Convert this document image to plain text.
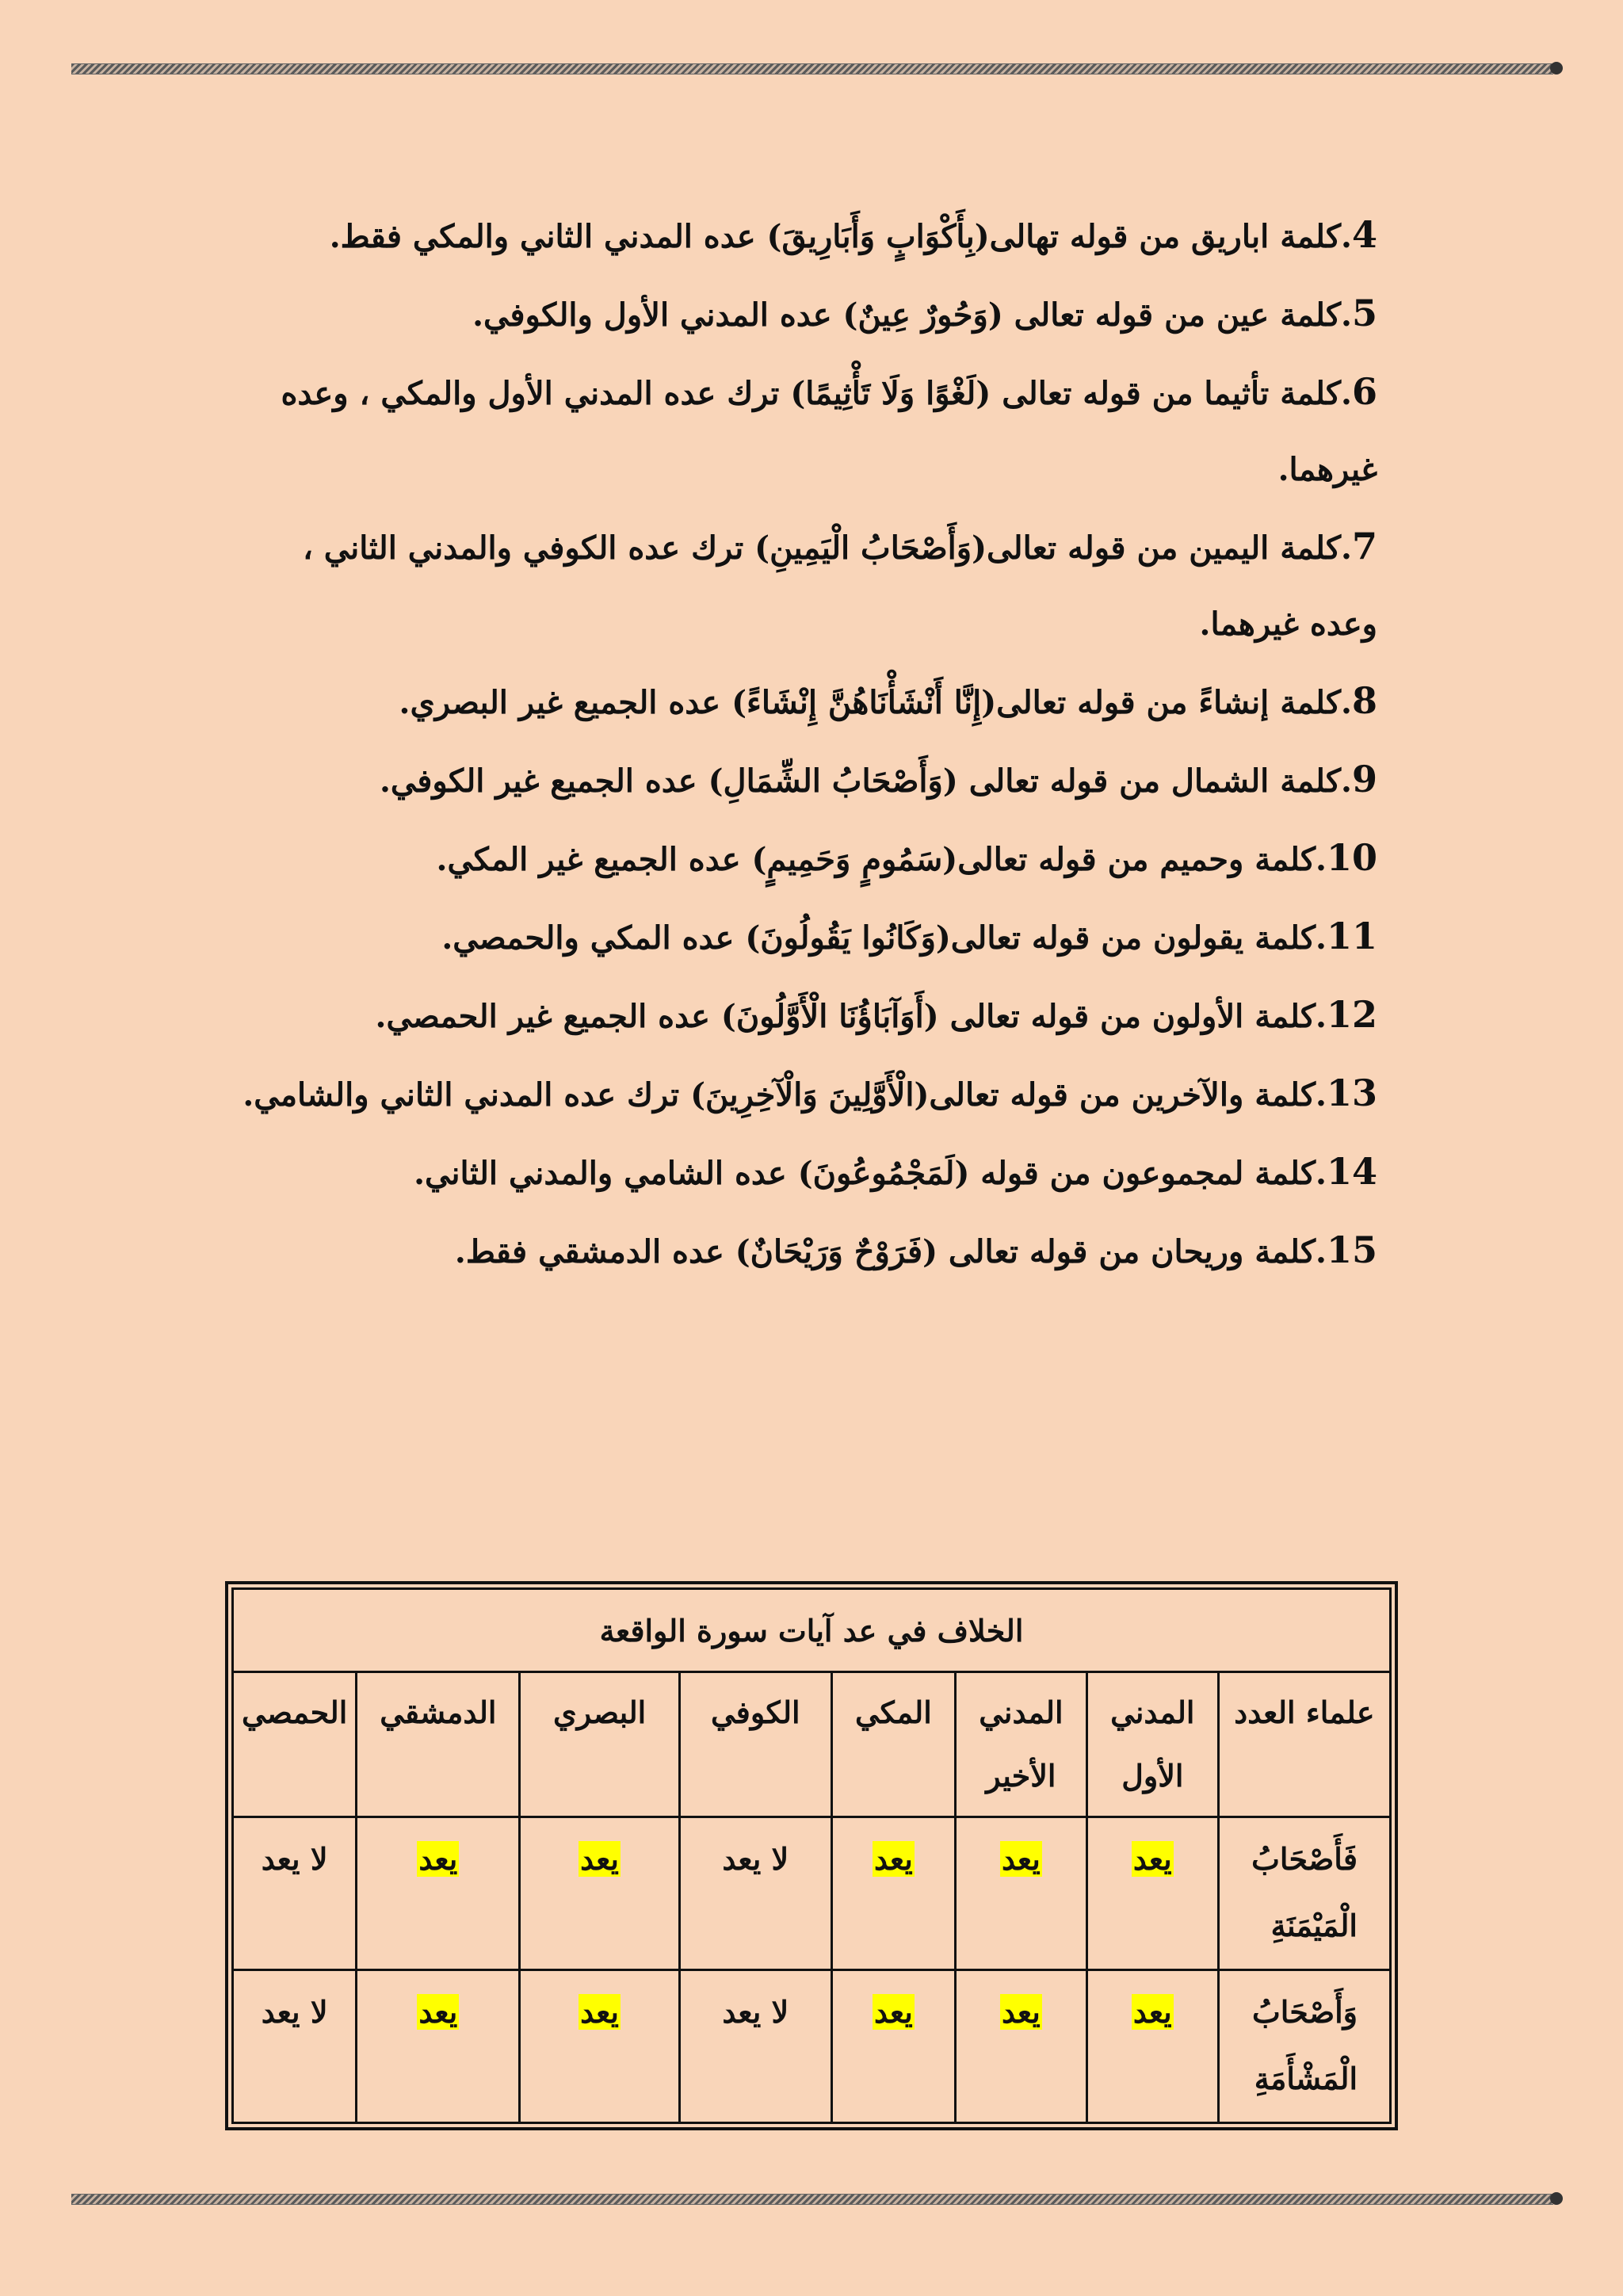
4.كلمة اباريق من قوله تهالى(بِأَكْوَابٍ وَأَبَارِيقَ) عده المدني الثاني والمكي فقط.
5.كلمة عين من قوله تعالى (وَحُورٌ عِينٌ) عده المدني الأول والكوفي.
6.كلمة تأثيما من قوله تعالى (لَغْوًا وَلَا تَأْثِيمًا) ترك عده المدني الأول والمكي ، وعده غيرهما.
7.كلمة اليمين من قوله تعالى(وَأَصْحَابُ الْيَمِينِ) ترك عده الكوفي والمدني الثاني ، وعده غيرهما.
8.كلمة إنشاءً من قوله تعالى(إِنَّا أَنْشَأْنَاهُنَّ إِنْشَاءً) عده الجميع غير البصري.
9.كلمة الشمال من قوله تعالى (وَأَصْحَابُ الشِّمَالِ) عده الجميع غير الكوفي.
10.كلمة وحميم من قوله تعالى(سَمُومٍ وَحَمِيمٍ) عده الجميع غير المكي.
11.كلمة يقولون من قوله تعالى(وَكَانُوا يَقُولُونَ) عده المكي والحمصي.
12.كلمة الأولون من قوله تعالى (أَوَآبَاؤُنَا الْأَوَّلُونَ) عده الجميع غير الحمصي.
13.كلمة والآخرين من قوله تعالى(الْأَوَّلِينَ وَالْآخِرِينَ) ترك عده المدني الثاني والشامي.
14.كلمة لمجموعون من قوله (لَمَجْمُوعُونَ) عده الشامي والمدني الثاني.
15.كلمة وريحان من قوله تعالى (فَرَوْحٌ وَرَيْحَانٌ) عده الدمشقي فقط.
الخلاف في عد آيات سورة الواقعة							
علماء العدد	المدني الأول	المدني الأخير	المكي	الكوفي	البصري	الدمشقي	الحمصي
فَأَصْحَابُ الْمَيْمَنَةِ	يعد	يعد	يعد	لا يعد	يعد	يعد	لا يعد
وَأَصْحَابُ الْمَشْأَمَةِ	يعد	يعد	يعد	لا يعد	يعد	يعد	لا يعد
